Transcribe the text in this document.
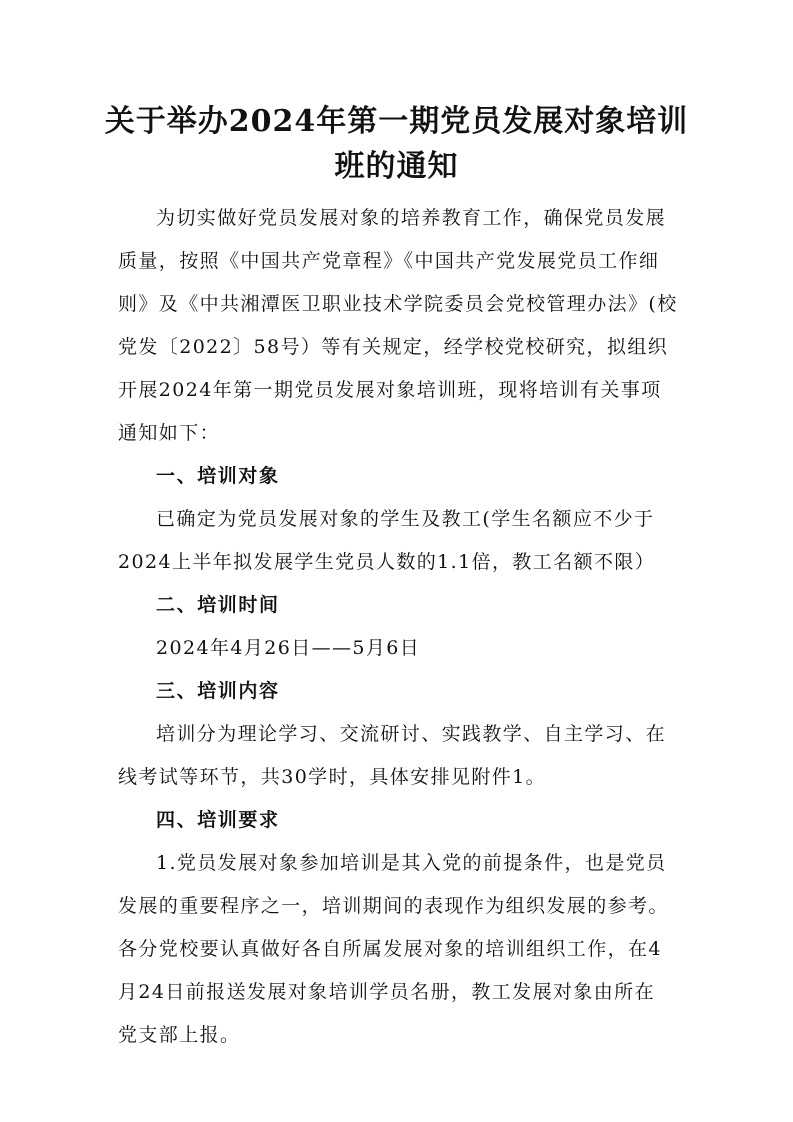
关于举办2024年第一期党员发展对象培训
班的通知
为切实做好党员发展对象的培养教育工作，确保党员发展
质量，按照《中国共产党章程》《中国共产党发展党员工作细
则》及《中共湘潭医卫职业技术学院委员会党校管理办法》(校
党发〔2022〕58号）等有关规定，经学校党校研究，拟组织
开展2024年第一期党员发展对象培训班，现将培训有关事项
通知如下：
一、培训对象
已确定为党员发展对象的学生及教工(学生名额应不少于
2024上半年拟发展学生党员人数的1.1倍，教工名额不限）
二、培训时间
2024年4月26日——5月6日
三、培训内容
培训分为理论学习、交流研讨、实践教学、自主学习、在
线考试等环节，共30学时，具体安排见附件1。
四、培训要求
1.党员发展对象参加培训是其入党的前提条件，也是党员
发展的重要程序之一，培训期间的表现作为组织发展的参考。
各分党校要认真做好各自所属发展对象的培训组织工作，在4
月24日前报送发展对象培训学员名册，教工发展对象由所在
党支部上报。
